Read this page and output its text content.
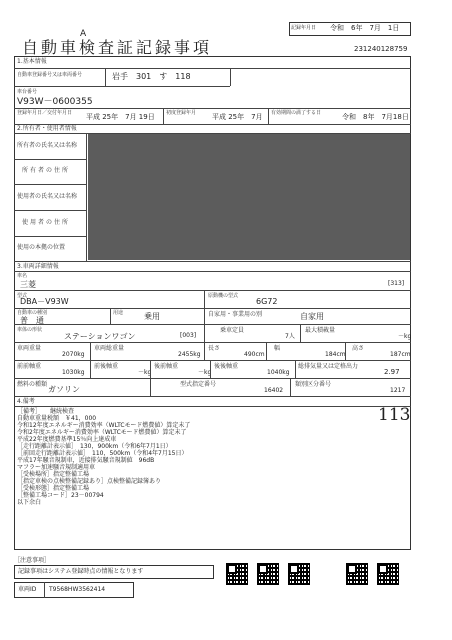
A
自動車検査証記録事項
記録年月日 令和　6年　7月　1日
231240128759
1.基本情報
自動車登録番号又は車両番号	岩手　301　す　118
車台番号
V93W－0600355
登録年月日／交付年月日 平成 25年　7月 19日 初度登録年月 平成 25年　7月 有効期間の満了する日	令和　8年　7月18日
2.所有者・使用者情報
所有者の氏名又は名称
所有者の住所
使用者の氏名又は名称
使用者の住所
使用の本拠の位置
3.車両詳細情報
車名
三菱	[313]
型式
DBA－V93W
原動機の型式
6G72
自動車の種別
普　通
用途	乗用	自家用・事業用の別	自家用
車体の形状
ステーションワゴン	[003]
乗車定員
7人
最大積載量
－kg
車両重量
2070kg
車両総重量
2455kg
長さ
490cm
幅
184cm
高さ
187cm
前前軸重
1030kg
前後軸重
－kg
後前軸重
－kg
後後軸重
1040kg
総排気量又は定格出力
2.97
燃料の種類
ガソリン
型式指定番号
16402
類別区分番号
1217
4.備考
113
［備考］　　継続検査
自動車重量税額　￥41，000
令和12年度エネルギー消費効率（WLTCモード燃費値）算定未了
令和2年度エネルギー消費効率（WLTCモード燃費値）算定未了
平成22年度燃費基準15％向上達成車
［走行距離計表示値］　130，900km（令和6年7月1日）
［前回走行距離計表示値］　110，500km（令和4年7月15日）
平成17年騒音規制車，近接排気騒音規制値　96dB
マフラー加速騒音規制適用車
［受検場所］指定整備工場
［指定車検の点検整備記録あり］点検整備記録簿あり
［受検形態］指定整備工場
［整備工場コード］23－00794
以下余白
［注意事項］
記録事項はシステム登録時点の情報となります
車両ID T9568HW3562414
